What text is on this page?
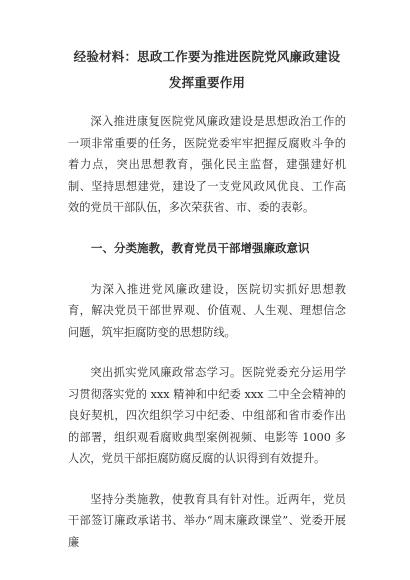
经验材料：思政工作要为推进医院党风廉政建设发挥重要作用

深入推进康复医院党风廉政建设是思想政治工作的一项非常重要的任务，医院党委牢牢把握反腐败斗争的着力点，突出思想教育，强化民主监督，建强建好机制、坚持思想建党，建设了一支党风政风优良、工作高效的党员干部队伍，多次荣获省、市、委的表彰。

一、分类施教，教育党员干部增强廉政意识

为深入推进党风廉政建设，医院切实抓好思想教育，解决党员干部世界观、价值观、人生观、理想信念问题，筑牢拒腐防变的思想防线。

突出抓实党风廉政常态学习。医院党委充分运用学习贯彻落实党的 xxx 精神和中纪委 xxx 二中全会精神的良好契机，四次组织学习中纪委、中组部和省市委作出的部署，组织观看腐败典型案例视频、电影等 1000 多人次，党员干部拒腐防腐反腐的认识得到有效提升。

坚持分类施教，使教育具有针对性。近两年，党员干部签订廉政承诺书、举办“周末廉政课堂”、党委开展廉
